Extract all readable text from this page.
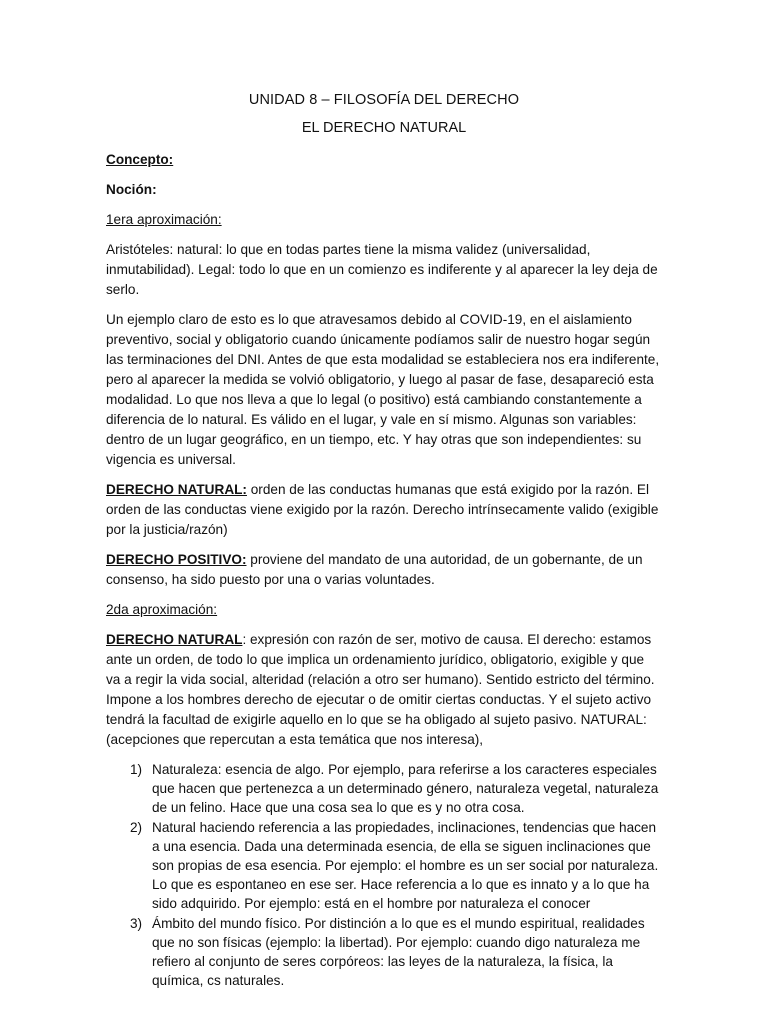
UNIDAD 8 – FILOSOFÍA DEL DERECHO
EL DERECHO NATURAL

Concepto:

Noción:

1era aproximación:

Aristóteles: natural: lo que en todas partes tiene la misma validez (universalidad, inmutabilidad). Legal: todo lo que en un comienzo es indiferente y al aparecer la ley deja de serlo.

Un ejemplo claro de esto es lo que atravesamos debido al COVID-19, en el aislamiento preventivo, social y obligatorio cuando únicamente podíamos salir de nuestro hogar según las terminaciones del DNI. Antes de que esta modalidad se estableciera nos era indiferente, pero al aparecer la medida se volvió obligatorio, y luego al pasar de fase, desapareció esta modalidad. Lo que nos lleva a que lo legal (o positivo) está cambiando constantemente a diferencia de lo natural. Es válido en el lugar, y vale en sí mismo. Algunas son variables: dentro de un lugar geográfico, en un tiempo, etc. Y hay otras que son independientes: su vigencia es universal.

DERECHO NATURAL: orden de las conductas humanas que está exigido por la razón. El orden de las conductas viene exigido por la razón. Derecho intrínsecamente valido (exigible por la justicia/razón)

DERECHO POSITIVO: proviene del mandato de una autoridad, de un gobernante, de un consenso, ha sido puesto por una o varias voluntades.

2da aproximación:

DERECHO NATURAL: expresión con razón de ser, motivo de causa. El derecho: estamos ante un orden, de todo lo que implica un ordenamiento jurídico, obligatorio, exigible y que va a regir la vida social, alteridad (relación a otro ser humano). Sentido estricto del término. Impone a los hombres derecho de ejecutar o de omitir ciertas conductas. Y el sujeto activo tendrá la facultad de exigirle aquello en lo que se ha obligado al sujeto pasivo. NATURAL: (acepciones que repercutan a esta temática que nos interesa),

1) Naturaleza: esencia de algo. Por ejemplo, para referirse a los caracteres especiales que hacen que pertenezca a un determinado género, naturaleza vegetal, naturaleza de un felino. Hace que una cosa sea lo que es y no otra cosa.
2) Natural haciendo referencia a las propiedades, inclinaciones, tendencias que hacen a una esencia. Dada una determinada esencia, de ella se siguen inclinaciones que son propias de esa esencia. Por ejemplo: el hombre es un ser social por naturaleza. Lo que es espontaneo en ese ser. Hace referencia a lo que es innato y a lo que ha sido adquirido. Por ejemplo: está en el hombre por naturaleza el conocer
3) Ámbito del mundo físico. Por distinción a lo que es el mundo espiritual, realidades que no son físicas (ejemplo: la libertad). Por ejemplo: cuando digo naturaleza me refiero al conjunto de seres corpóreos: las leyes de la naturaleza, la física, la química, cs naturales.
